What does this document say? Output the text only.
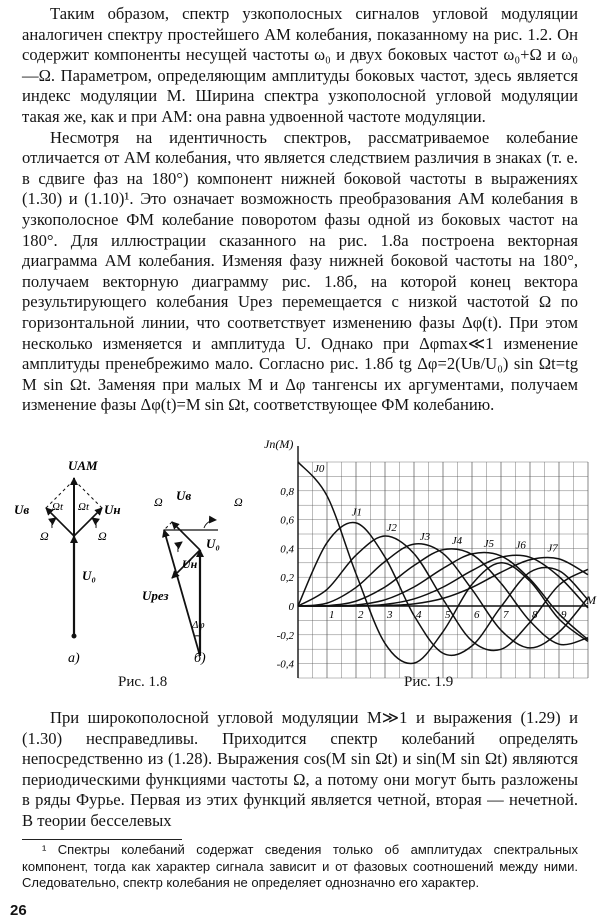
Таким образом, спектр узкополосных сигналов угловой модуляции аналогичен спектру простейшего АМ колебания, показанному на рис. 1.2. Он содержит компоненты несущей частоты ω₀ и двух боковых частот ω₀+Ω и ω₀—Ω. Параметром, определяющим амплитуды боковых частот, здесь является индекс модуляции M. Ширина спектра узкополосной угловой модуляции такая же, как и при АМ: она равна удвоенной частоте модуляции.

Несмотря на идентичность спектров, рассматриваемое колебание отличается от АМ колебания, что является следствием различия в знаках (т. е. в сдвиге фаз на 180°) компонент нижней боковой частоты в выражениях (1.30) и (1.10)¹. Это означает возможность преобразования АМ колебания в узкополосное ФМ колебание поворотом фазы одной из боковых частот на 180°. Для иллюстрации сказанного на рис. 1.8а построена векторная диаграмма АМ колебания. Изменяя фазу нижней боковой частоты на 180°, получаем векторную диаграмму рис. 1.8б, на которой конец вектора результирующего колебания Uрез перемещается с низкой частотой Ω по горизонтальной линии, что соответствует изменению фазы Δφ(t). При этом несколько изменяется и амплитуда U. Однако при Δφmax≪1 изменение амплитуды пренебрежимо мало. Согласно рис. 1.8б tg Δφ=2(Uв/U₀) sin Ωt=tg M sin Ωt. Заменяя при малых M и Δφ тангенсы их аргументами, получаем изменение фазы Δφ(t)=M sin Ωt, соответствующее ФМ колебанию.

UАМ
Uв	Uн
Ωt Ωt
Ω	Ω
U₀
а)
Ω Uв	Ω
Uн
U₀
Uрез
Δφ
б)
0,8
0,6
0,4
0,2
0
-0,2
-0,4
1 2 3 4 5 6 7 8 9
J0
J1
J2
J3 J4 J5 J6 J7
Jn(M)
M
Рис. 1.8	Рис. 1.9

При широкополосной угловой модуляции M≫1 и выражения (1.29) и (1.30) несправедливы. Приходится спектр колебаний определять непосредственно из (1.28). Выражения cos(M sin Ωt) и sin(M sin Ωt) являются периодическими функциями частоты Ω, а потому они могут быть разложены в ряды Фурье. Первая из этих функций является четной, вторая — нечетной. В теории бесселевых

¹ Спектры колебаний содержат сведения только об амплитудах спектральных компонент, тогда как характер сигнала зависит и от фазовых соотношений между ними. Следовательно, спектр колебания не определяет однозначно его характер.

26
